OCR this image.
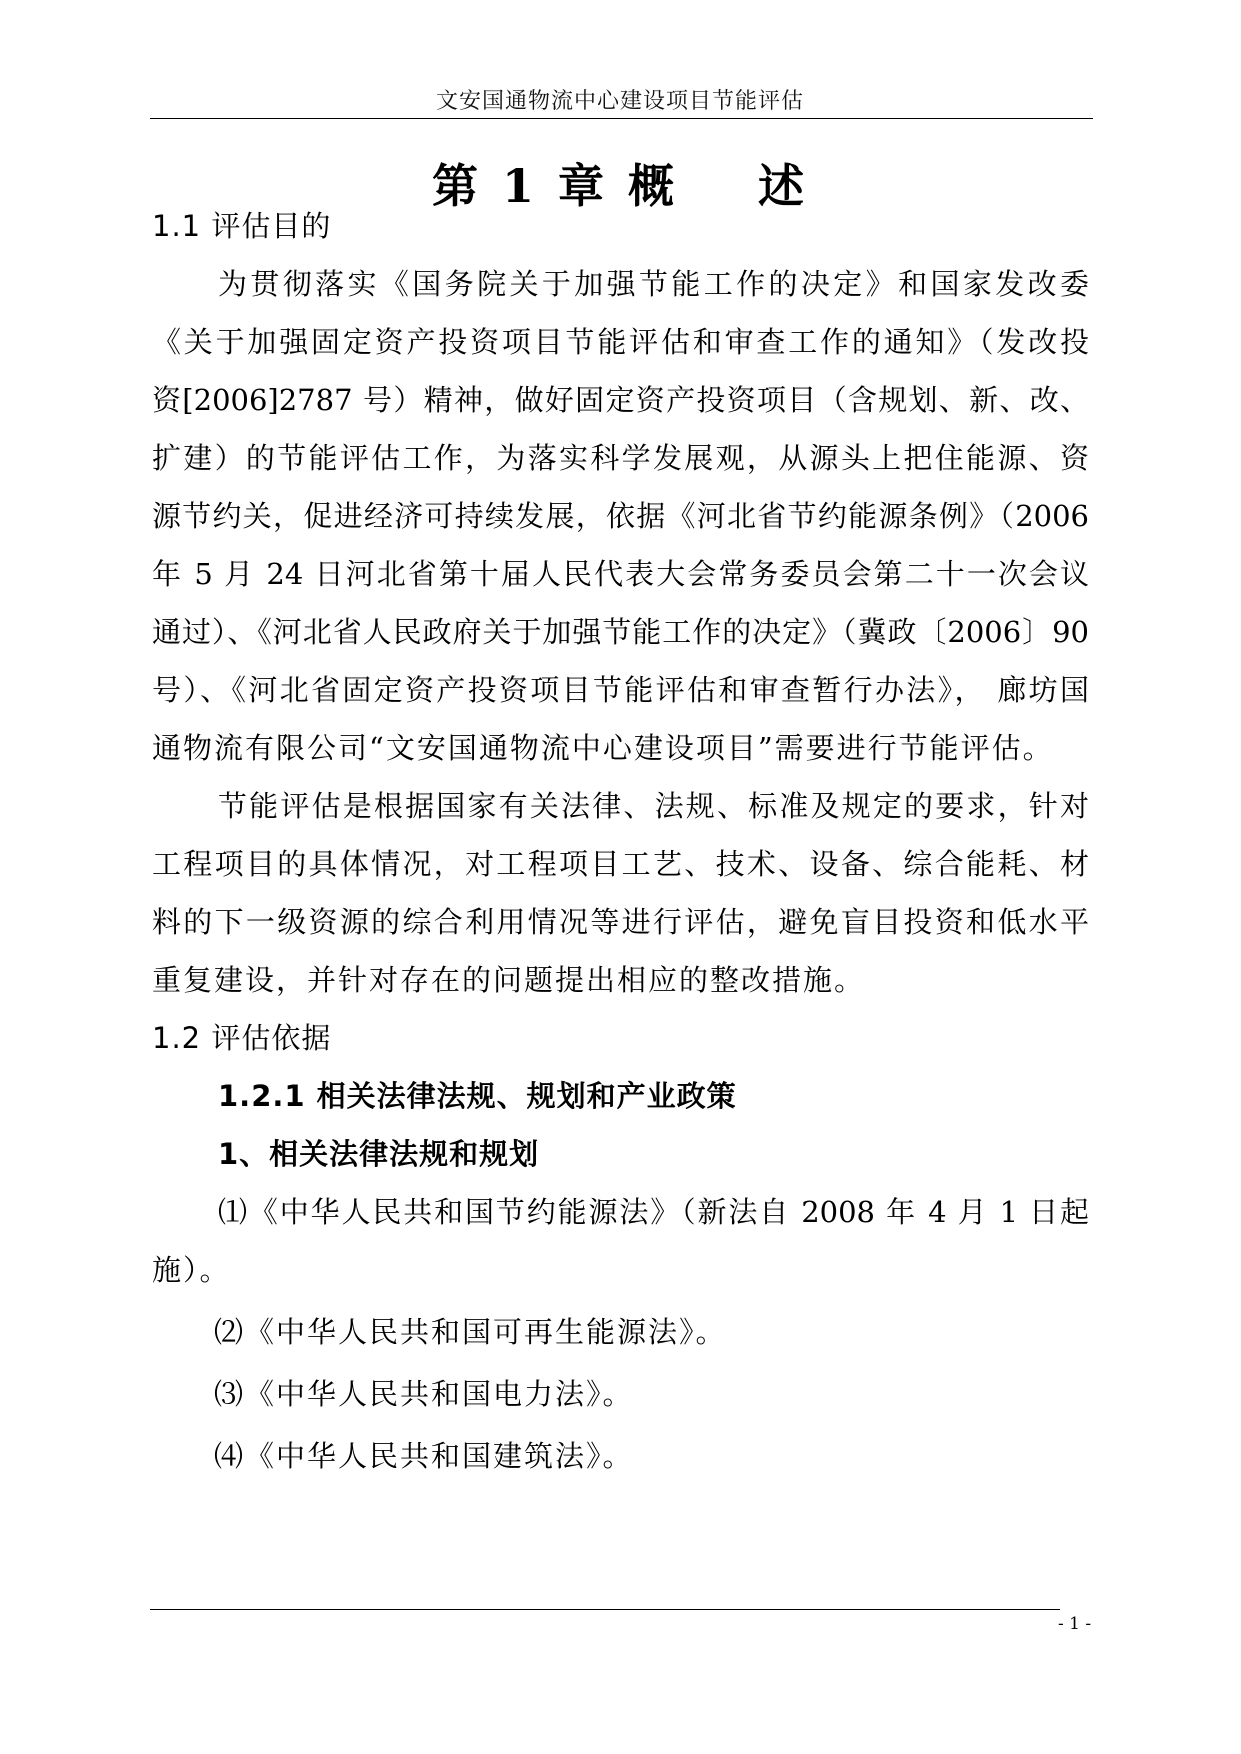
文安国通物流中心建设项目节能评估
第 1 章 概    述
1.1 评估目的
为贯彻落实《国务院关于加强节能工作的决定》和国家发改委
《关于加强固定资产投资项目节能评估和审查工作的通知》（发改投
资[2006]2787 号）精神，做好固定资产投资项目（含规划、新、改、
扩建）的节能评估工作，为落实科学发展观，从源头上把住能源、资
源节约关，促进经济可持续发展，依据《河北省节约能源条例》（2006
年 5 月 24 日河北省第十届人民代表大会常务委员会第二十一次会议
通过）、《河北省人民政府关于加强节能工作的决定》（冀政〔2006〕90
号）、《河北省固定资产投资项目节能评估和审查暂行办法》， 廊坊国
通物流有限公司“文安国通物流中心建设项目”需要进行节能评估。
节能评估是根据国家有关法律、法规、标准及规定的要求，针对
工程项目的具体情况，对工程项目工艺、技术、设备、综合能耗、材
料的下一级资源的综合利用情况等进行评估，避免盲目投资和低水平
重复建设，并针对存在的问题提出相应的整改措施。
1.2 评估依据
1.2.1 相关法律法规、规划和产业政策
1、相关法律法规和规划
⑴《中华人民共和国节约能源法》（新法自 2008 年 4 月 1 日起
施）。
⑵《中华人民共和国可再生能源法》。
⑶《中华人民共和国电力法》。
⑷《中华人民共和国建筑法》。
- 1 -
